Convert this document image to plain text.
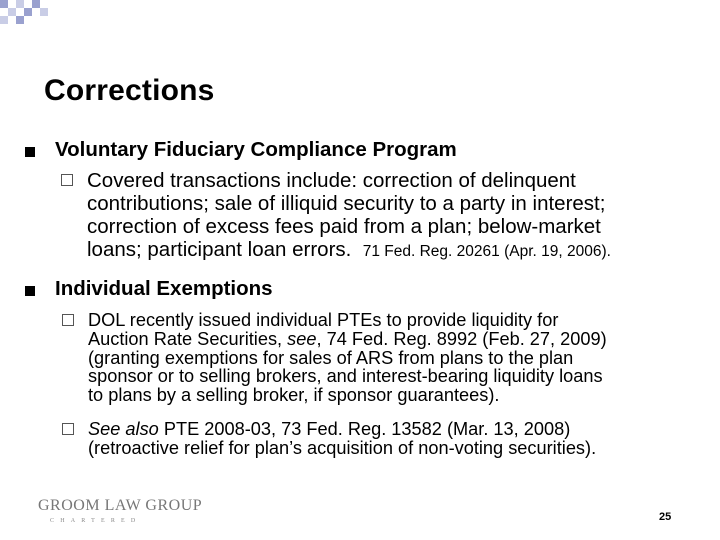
Corrections
Voluntary Fiduciary Compliance Program
Covered transactions include: correction of delinquent
contributions; sale of illiquid security to a party in interest;
correction of excess fees paid from a plan; below-market
loans; participant loan errors.  71 Fed. Reg. 20261 (Apr. 19, 2006).
Individual Exemptions
DOL recently issued individual PTEs to provide liquidity for
Auction Rate Securities, see, 74 Fed. Reg. 8992 (Feb. 27, 2009)
(granting exemptions for sales of ARS from plans to the plan
sponsor or to selling brokers, and interest-bearing liquidity loans
to plans by a selling broker, if sponsor guarantees).
See also PTE 2008-03, 73 Fed. Reg. 13582 (Mar. 13, 2008)
(retroactive relief for plan’s acquisition of non-voting securities).
GROOM LAW GROUP
CHARTERED	25
